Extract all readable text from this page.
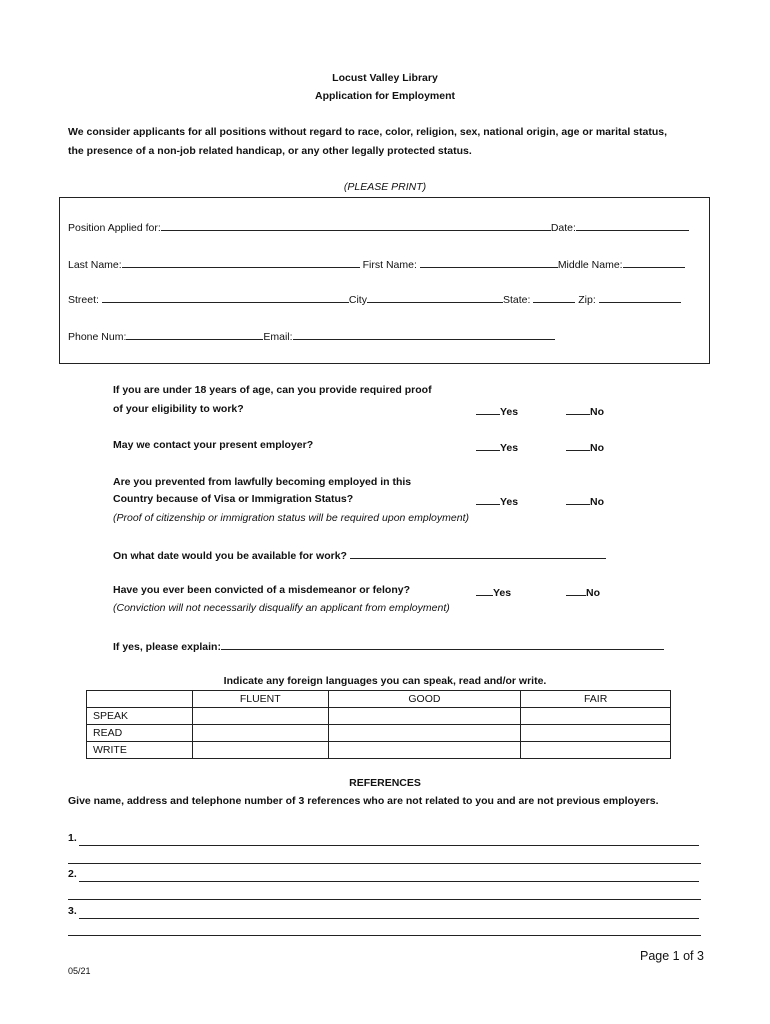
Locust Valley Library
Application for Employment
We consider applicants for all positions without regard to race, color, religion, sex, national origin, age or marital status,
the presence of a non-job related handicap, or any other legally protected status.
(PLEASE PRINT)
Position Applied for:	Date:
Last Name:	First Name:	Middle Name:
Street:	City	State:	Zip:
Phone Num:	Email:
If you are under 18 years of age, can you provide required proof
of your eligibility to work?	Yes	No
May we contact your present employer?	Yes	No
Are you prevented from lawfully becoming employed in this
Country because of Visa or Immigration Status?	Yes	No
(Proof of citizenship or immigration status will be required upon employment)
On what date would you be available for work?
Have you ever been convicted of a misdemeanor or felony?	Yes	No
(Conviction will not necessarily disqualify an applicant from employment)
If yes, please explain:
Indicate any foreign languages you can speak, read and/or write.
	FLUENT	GOOD	FAIR
SPEAK			
READ			
WRITE			
REFERENCES
Give name, address and telephone number of 3 references who are not related to you and are not previous employers.
1.
2.
3.
Page 1 of 3
05/21
